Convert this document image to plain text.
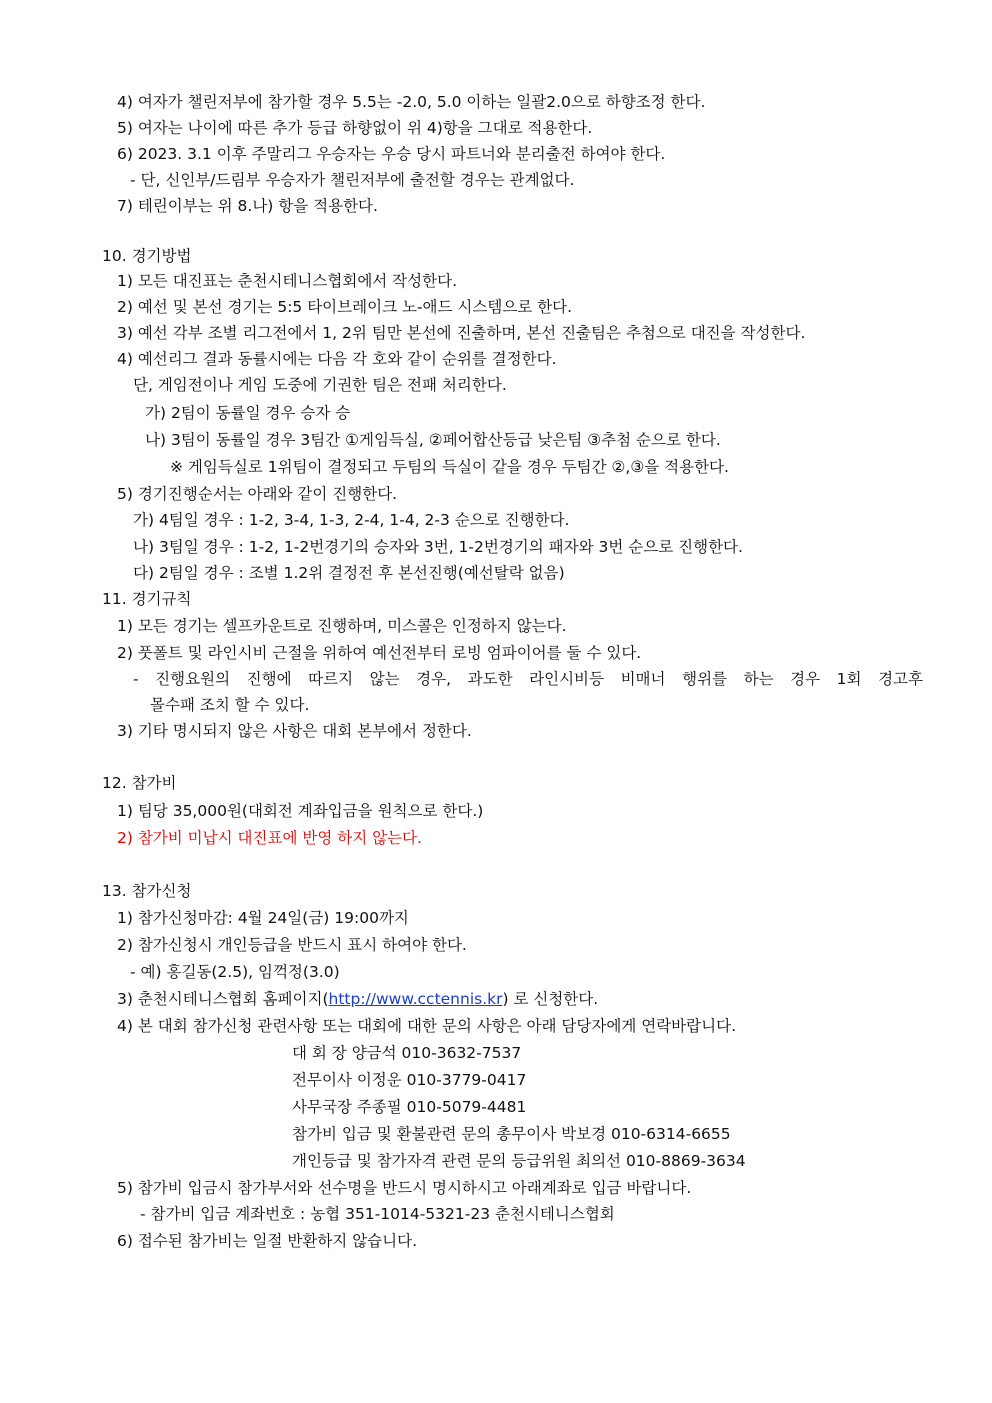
4) 여자가 챌린저부에 참가할 경우 5.5는 -2.0, 5.0 이하는 일괄2.0으로 하향조정 한다.
5) 여자는 나이에 따른 추가 등급 하향없이 위 4)항을 그대로 적용한다.
6) 2023. 3.1 이후 주말리그 우승자는 우승 당시 파트너와 분리출전 하여야 한다.
- 단, 신인부/드림부 우승자가 챌린저부에 출전할 경우는 관계없다.
7) 테린이부는 위 8.나) 항을 적용한다.
10. 경기방법
1) 모든 대진표는 춘천시테니스협회에서 작성한다.
2) 예선 및 본선 경기는 5:5 타이브레이크 노-애드 시스템으로 한다.
3) 예선 각부 조별 리그전에서 1, 2위 팀만 본선에 진출하며, 본선 진출팀은 추첨으로 대진을 작성한다.
4) 예선리그 결과 동률시에는 다음 각 호와 같이 순위를 결정한다.
단, 게임전이나 게임 도중에 기권한 팀은 전패 처리한다.
가) 2팀이 동률일 경우 승자 승
나) 3팀이 동률일 경우 3팀간 ①게임득실, ②페어합산등급 낮은팀 ③추첨 순으로 한다.
※ 게임득실로 1위팀이 결정되고 두팀의 득실이 같을 경우 두팀간 ②,③을 적용한다.
5) 경기진행순서는 아래와 같이 진행한다.
가) 4팀일 경우 : 1-2, 3-4, 1-3, 2-4, 1-4, 2-3 순으로 진행한다.
나) 3팀일 경우 : 1-2, 1-2번경기의 승자와 3번, 1-2번경기의 패자와 3번 순으로 진행한다.
다) 2팀일 경우 : 조별 1.2위 결정전 후 본선진행(예선탈락 없음)
11. 경기규칙
1) 모든 경기는 셀프카운트로 진행하며, 미스콜은 인정하지 않는다.
2) 풋폴트 및 라인시비 근절을 위하여 예선전부터 로빙 엄파이어를 둘 수 있다.
- 진행요원의 진행에 따르지 않는 경우, 과도한 라인시비등 비매너 행위를 하는 경우 1회 경고후
몰수패 조치 할 수 있다.
3) 기타 명시되지 않은 사항은 대회 본부에서 정한다.
12. 참가비
1) 팀당 35,000원(대회전 계좌입금을 원칙으로 한다.)
2) 참가비 미납시 대진표에 반영 하지 않는다.
13. 참가신청
1) 참가신청마감: 4월 24일(금) 19:00까지
2) 참가신청시 개인등급을 반드시 표시 하여야 한다.
- 예) 홍길동(2.5), 임꺽정(3.0)
3) 춘천시테니스협회 홈페이지(http://www.cctennis.kr) 로 신청한다.
4) 본 대회 참가신청 관련사항 또는 대회에 대한 문의 사항은 아래 담당자에게 연락바랍니다.
대 회 장 양금석 010-3632-7537
전무이사 이정운 010-3779-0417
사무국장 주종필 010-5079-4481
참가비 입금 및 환불관련 문의 총무이사 박보경 010-6314-6655
개인등급 및 참가자격 관련 문의 등급위원 최의선 010-8869-3634
5) 참가비 입금시 참가부서와 선수명을 반드시 명시하시고 아래계좌로 입금 바랍니다.
- 참가비 입금 계좌번호 : 농협 351-1014-5321-23 춘천시테니스협회
6) 접수된 참가비는 일절 반환하지 않습니다.
